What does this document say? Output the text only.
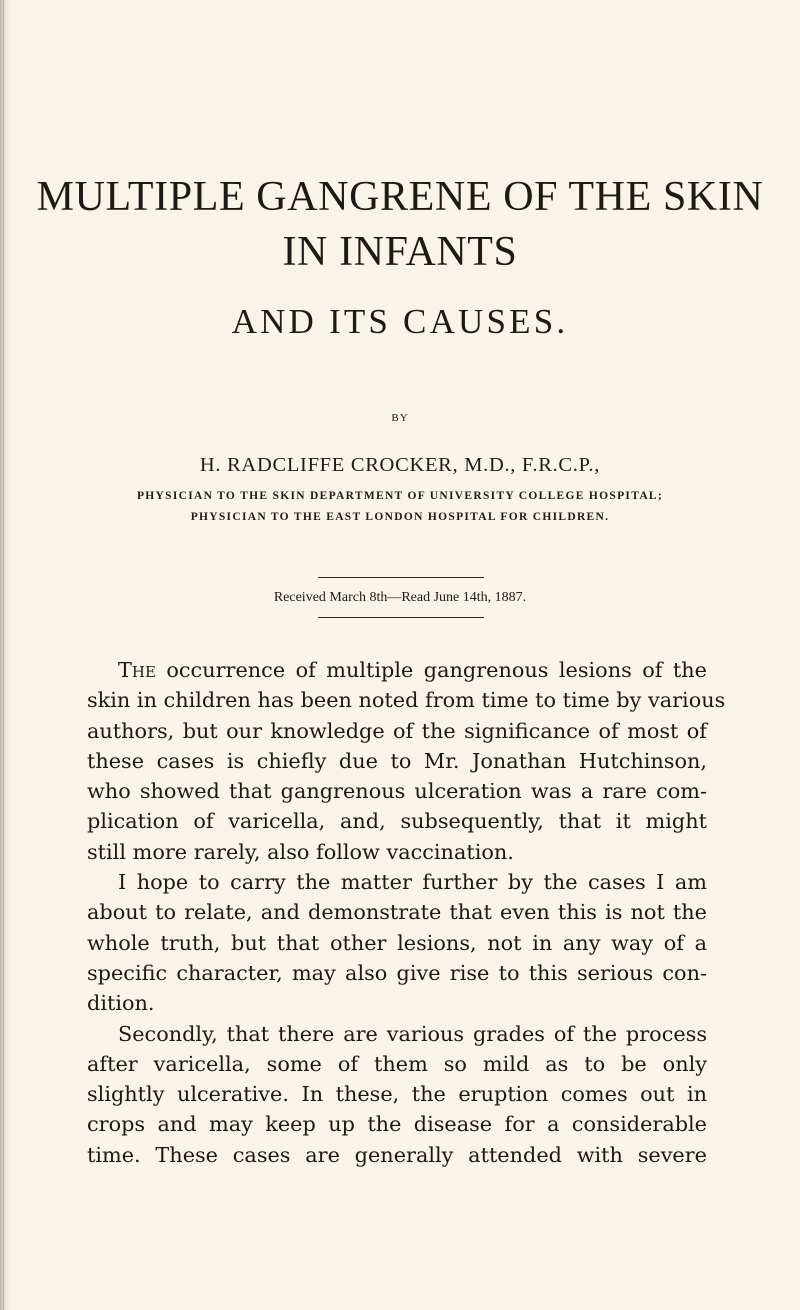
MULTIPLE GANGRENE OF THE SKIN
IN INFANTS
AND ITS CAUSES.
BY
H. RADCLIFFE CROCKER, M.D., F.R.C.P.,
PHYSICIAN TO THE SKIN DEPARTMENT OF UNIVERSITY COLLEGE HOSPITAL;
PHYSICIAN TO THE EAST LONDON HOSPITAL FOR CHILDREN.
Received March 8th—Read June 14th, 1887.
The occurrence of multiple gangrenous lesions of the
skin in children has been noted from time to time by various
authors, but our knowledge of the significance of most of
these cases is chiefly due to Mr. Jonathan Hutchinson,
who showed that gangrenous ulceration was a rare com-
plication of varicella, and, subsequently, that it might
still more rarely, also follow vaccination.
I hope to carry the matter further by the cases I am
about to relate, and demonstrate that even this is not the
whole truth, but that other lesions, not in any way of a
specific character, may also give rise to this serious con-
dition.
Secondly, that there are various grades of the process
after varicella, some of them so mild as to be only
slightly ulcerative. In these, the eruption comes out in
crops and may keep up the disease for a considerable
time. These cases are generally attended with severe
